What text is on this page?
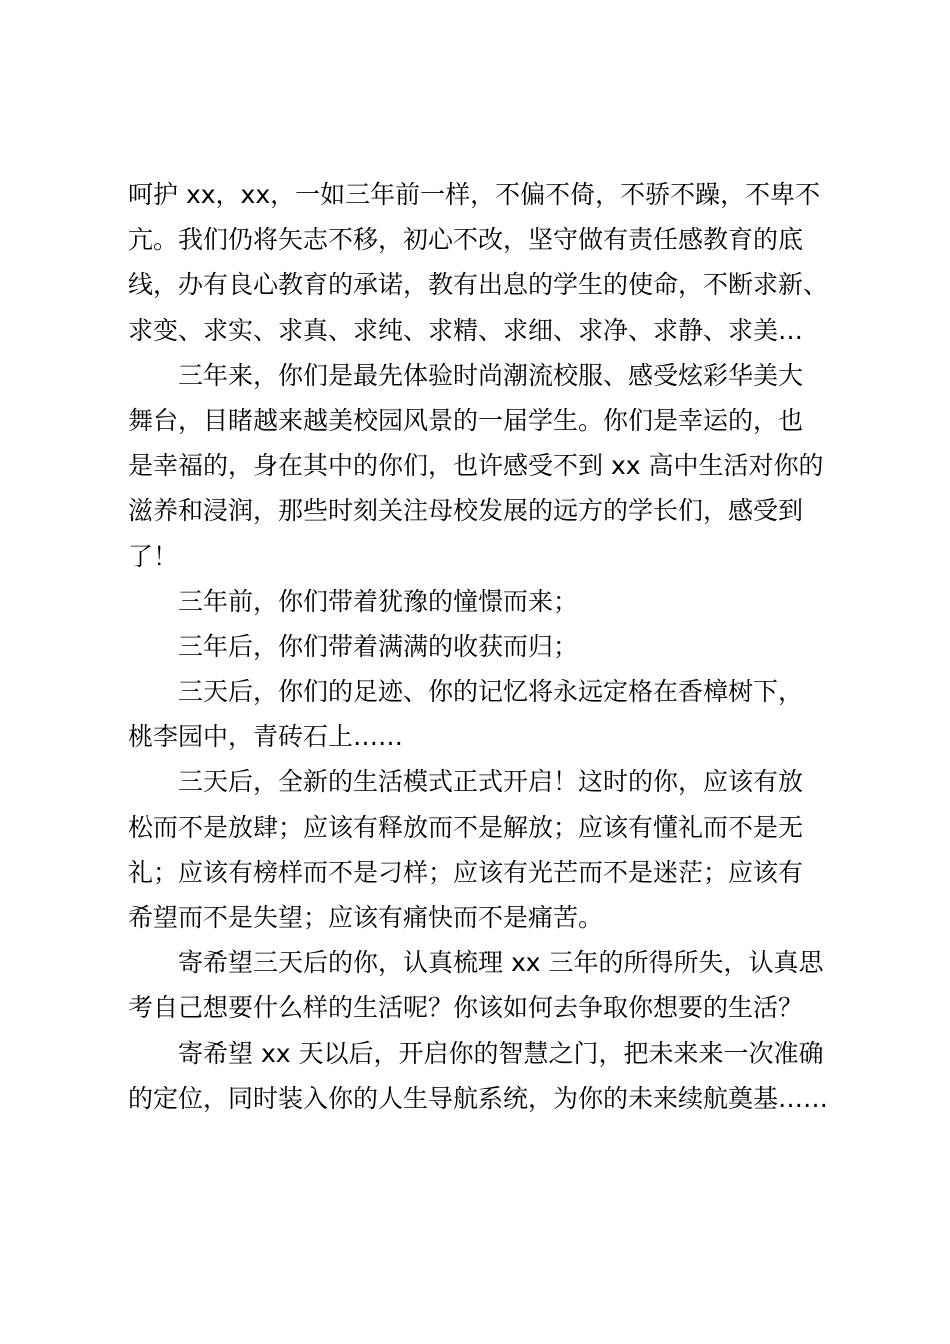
呵护 xx，xx，一如三年前一样，不偏不倚，不骄不躁，不卑不
亢。我们仍将矢志不移，初心不改，坚守做有责任感教育的底
线，办有良心教育的承诺，教有出息的学生的使命，不断求新、
求变、求实、求真、求纯、求精、求细、求净、求静、求美…
三年来，你们是最先体验时尚潮流校服、感受炫彩华美大
舞台，目睹越来越美校园风景的一届学生。你们是幸运的，也
是幸福的，身在其中的你们，也许感受不到 xx 高中生活对你的
滋养和浸润，那些时刻关注母校发展的远方的学长们，感受到
了！
三年前，你们带着犹豫的憧憬而来；
三年后，你们带着满满的收获而归；
三天后，你们的足迹、你的记忆将永远定格在香樟树下，
桃李园中，青砖石上……
三天后，全新的生活模式正式开启！这时的你，应该有放
松而不是放肆；应该有释放而不是解放；应该有懂礼而不是无
礼；应该有榜样而不是刁样；应该有光芒而不是迷茫；应该有
希望而不是失望；应该有痛快而不是痛苦。
寄希望三天后的你，认真梳理 xx 三年的所得所失，认真思
考自己想要什么样的生活呢？你该如何去争取你想要的生活？
寄希望 xx 天以后，开启你的智慧之门，把未来来一次准确
的定位，同时装入你的人生导航系统，为你的未来续航奠基……
